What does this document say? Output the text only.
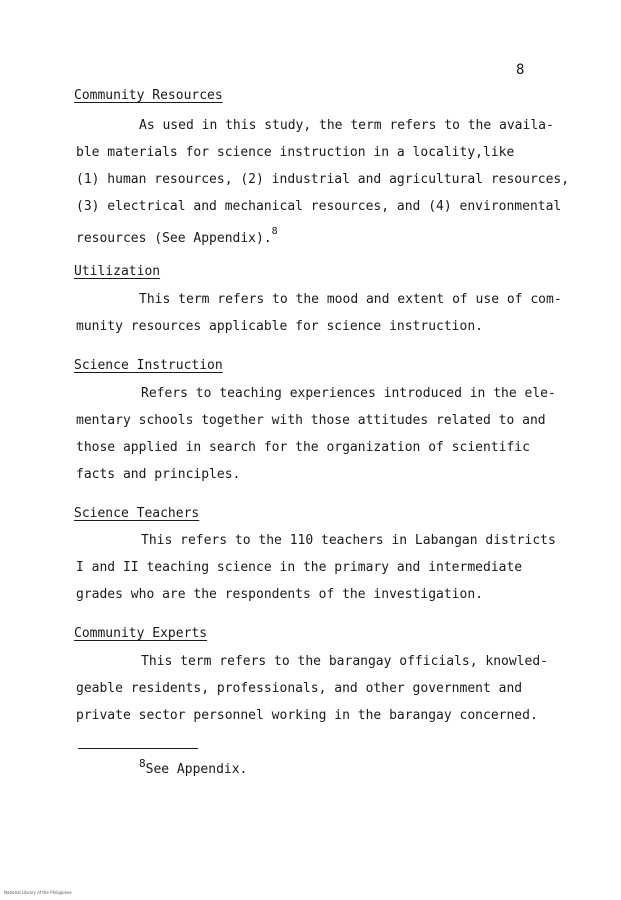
8
Community Resources
As used in this study, the term refers to the availa-
ble materials for science instruction in a locality,like
(1) human resources, (2) industrial and agricultural resources,
(3) electrical and mechanical resources, and (4) environmental
resources (See Appendix).$^8$
Utilization
This term refers to the mood and extent of use of com-
munity resources applicable for science instruction.
Science Instruction
Refers to teaching experiences introduced in the ele-
mentary schools together with those attitudes related to and
those applied in search for the organization of scientific
facts and principles.
Science Teachers
This refers to the 110 teachers in Labangan districts
I and II teaching science in the primary and intermediate
grades who are the respondents of the investigation.
Community Experts
This term refers to the barangay officials, knowled-
geable residents, professionals, and other government and
private sector personnel working in the barangay concerned.
$^8$See Appendix.
National Library of the Philippines
